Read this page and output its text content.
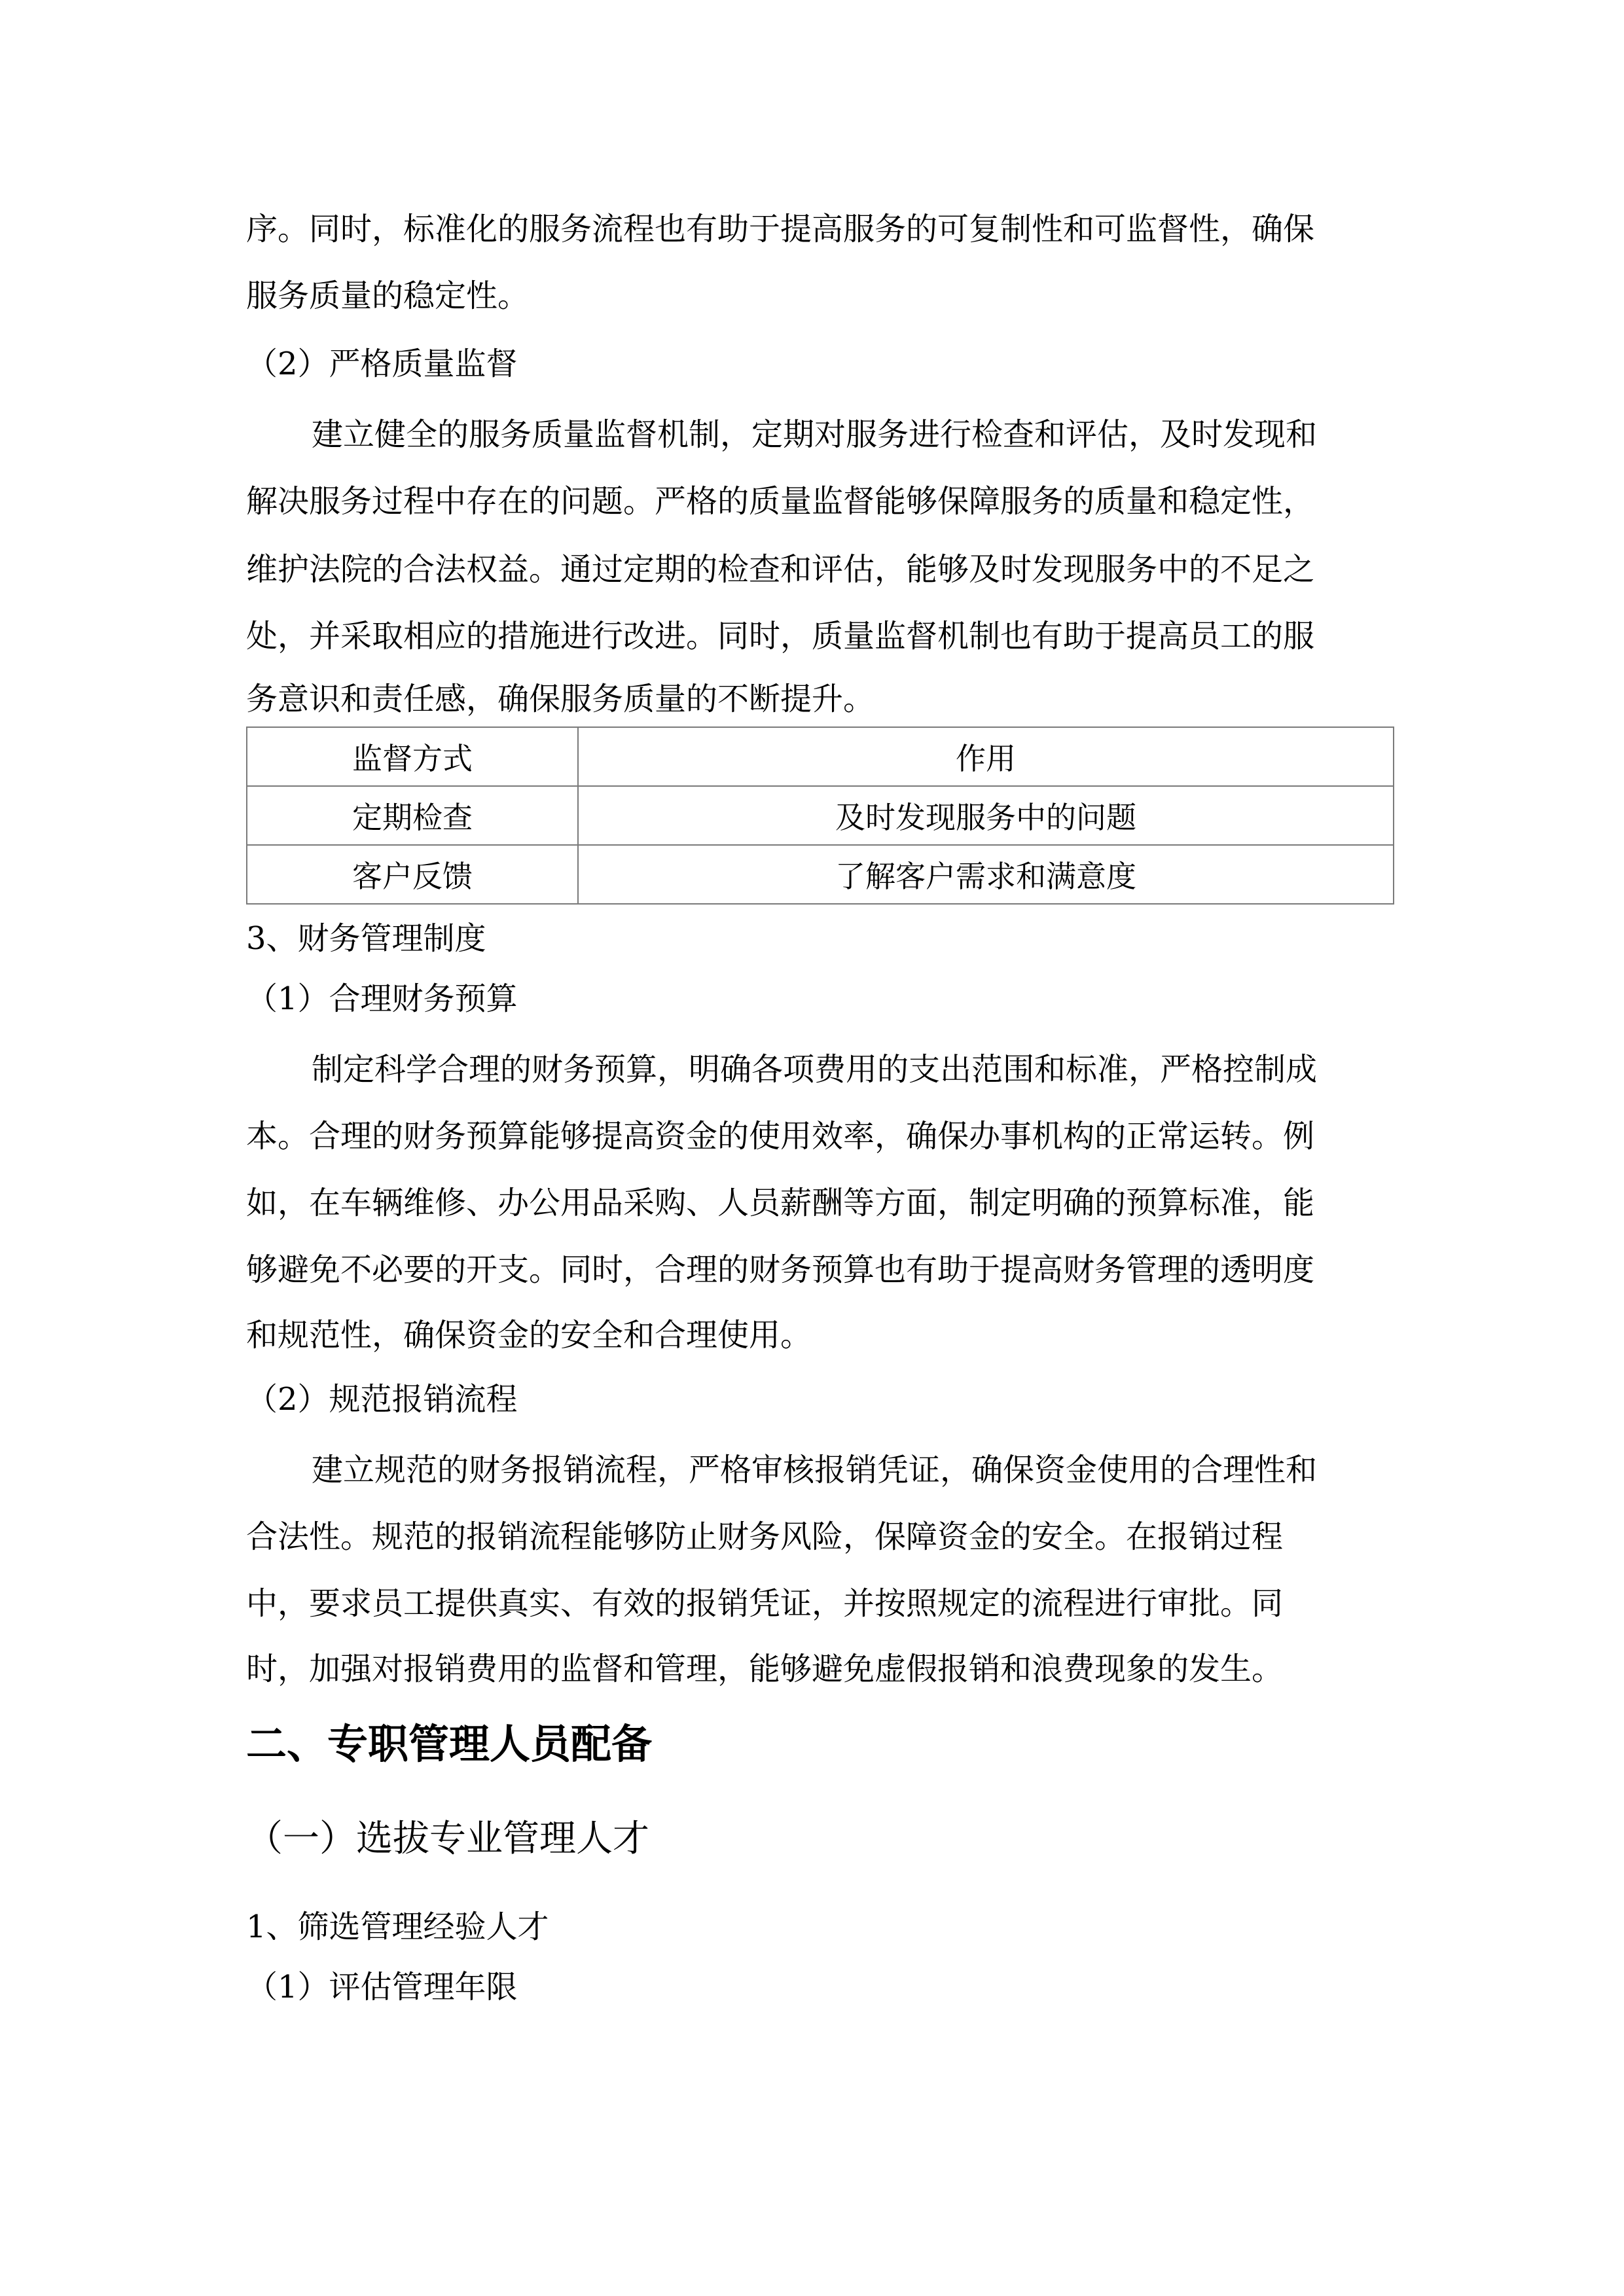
序。同时，标准化的服务流程也有助于提高服务的可复制性和可监督性，确保

服务质量的稳定性。

（2）严格质量监督

建立健全的服务质量监督机制，定期对服务进行检查和评估，及时发现和

解决服务过程中存在的问题。严格的质量监督能够保障服务的质量和稳定性，

维护法院的合法权益。通过定期的检查和评估，能够及时发现服务中的不足之

处，并采取相应的措施进行改进。同时，质量监督机制也有助于提高员工的服

务意识和责任感，确保服务质量的不断提升。

监督方式	作用
定期检查	及时发现服务中的问题
客户反馈	了解客户需求和满意度

3、财务管理制度

（1）合理财务预算

制定科学合理的财务预算，明确各项费用的支出范围和标准，严格控制成

本。合理的财务预算能够提高资金的使用效率，确保办事机构的正常运转。例

如，在车辆维修、办公用品采购、人员薪酬等方面，制定明确的预算标准，能

够避免不必要的开支。同时，合理的财务预算也有助于提高财务管理的透明度

和规范性，确保资金的安全和合理使用。

（2）规范报销流程

建立规范的财务报销流程，严格审核报销凭证，确保资金使用的合理性和

合法性。规范的报销流程能够防止财务风险，保障资金的安全。在报销过程

中，要求员工提供真实、有效的报销凭证，并按照规定的流程进行审批。同

时，加强对报销费用的监督和管理，能够避免虚假报销和浪费现象的发生。

二、专职管理人员配备

（一）选拔专业管理人才

1、筛选管理经验人才

（1）评估管理年限
